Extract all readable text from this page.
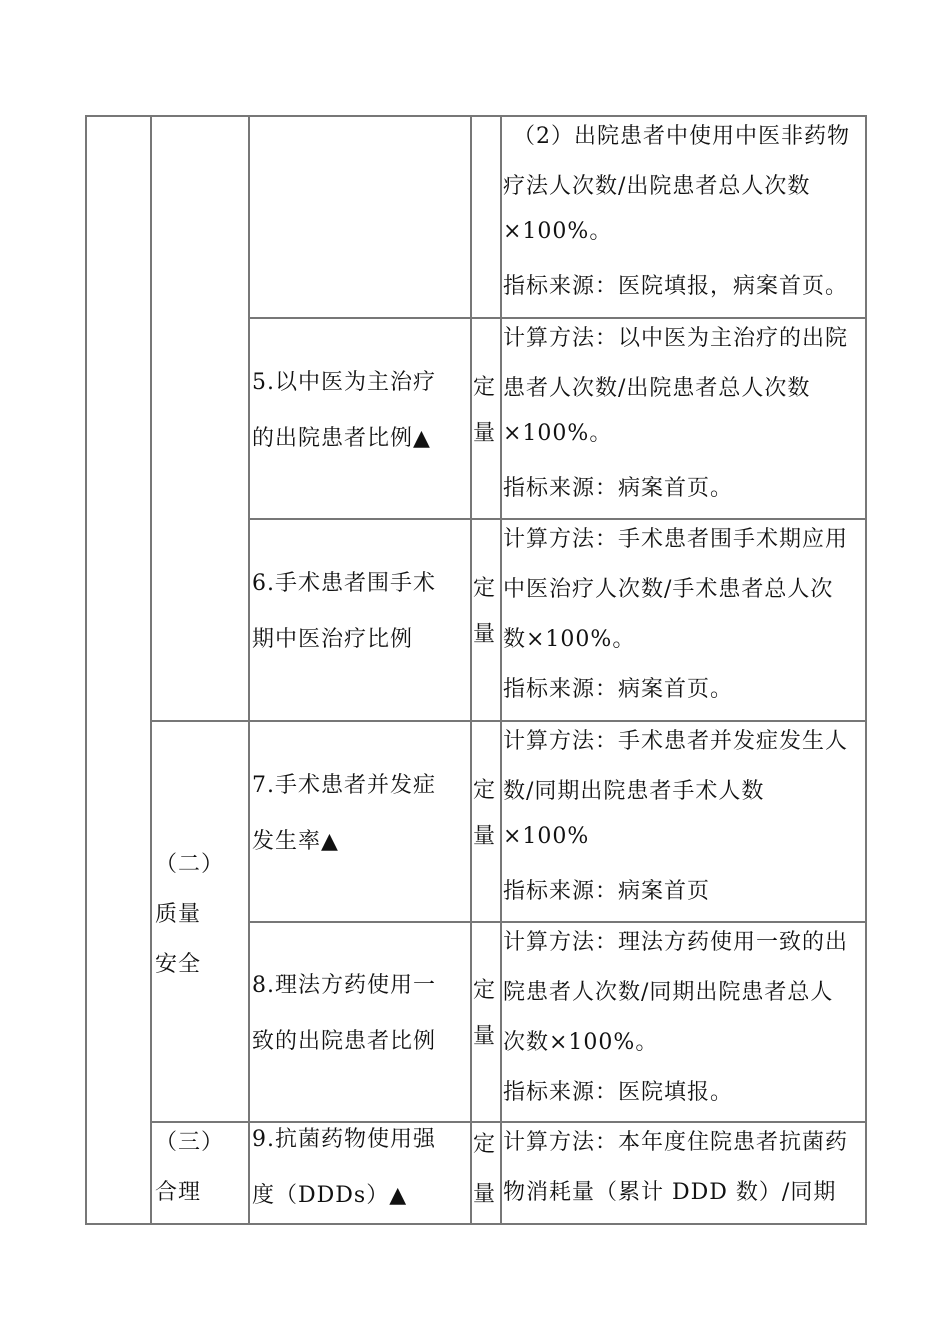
（2）出院患者中使用中医非药物
疗法人次数/出院患者总人次数
×100%。
指标来源：医院填报，病案首页。
5.以中医为主治疗
的出院患者比例▲
定量
计算方法：以中医为主治疗的出院
患者人次数/出院患者总人次数
×100%。
指标来源：病案首页。
6.手术患者围手术
期中医治疗比例
定量
计算方法：手术患者围手术期应用
中医治疗人次数/手术患者总人次
数×100%。
指标来源：病案首页。
7.手术患者并发症
发生率▲
定量
计算方法：手术患者并发症发生人
数/同期出院患者手术人数
×100%
指标来源：病案首页
8.理法方药使用一
致的出院患者比例
定量
计算方法：理法方药使用一致的出
院患者人次数/同期出院患者总人
次数×100%。
指标来源：医院填报。
（二）
质量
安全
（三）
合理
9.抗菌药物使用强
度（DDDs）▲
定量
计算方法：本年度住院患者抗菌药
物消耗量（累计 DDD 数）/同期
